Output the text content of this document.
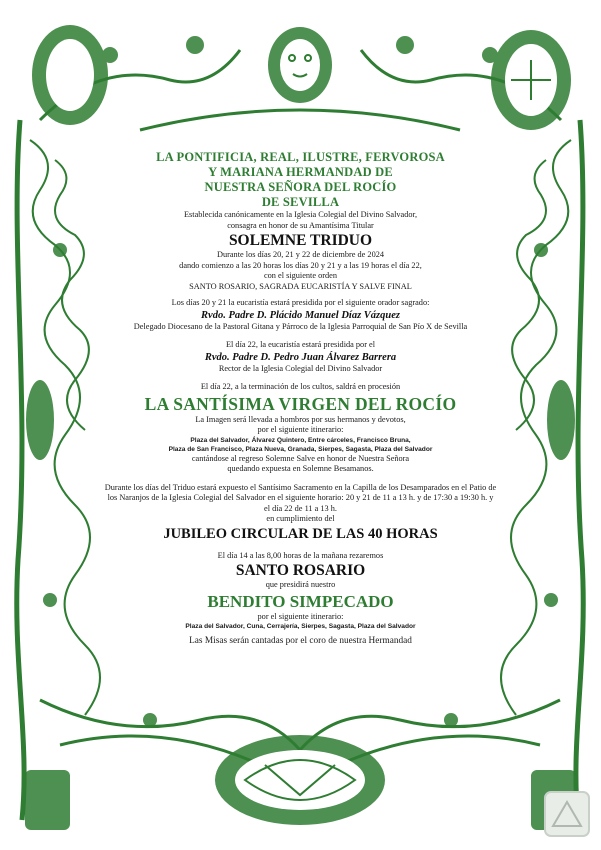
LA PONTIFICIA, REAL, ILUSTRE, FERVOROSA
Y MARIANA HERMANDAD DE
NUESTRA SEÑORA DEL ROCÍO
DE SEVILLA
Establecida canónicamente en la Iglesia Colegial del Divino Salvador,
consagra en honor de su Amantísima Titular
SOLEMNE TRIDUO
Durante los días 20, 21 y 22 de diciembre de 2024
dando comienzo a las 20 horas los días 20 y 21 y a las 19 horas el día 22,
con el siguiente orden
SANTO ROSARIO, SAGRADA EUCARISTÍA Y SALVE FINAL
Los días 20 y 21 la eucaristía estará presidida por el siguiente orador sagrado:
Rvdo. Padre D. Plácido Manuel Díaz Vázquez
Delegado Diocesano de la Pastoral Gitana y Párroco de la Iglesia Parroquial de San Pío X de Sevilla
El día 22, la eucaristía estará presidida por el
Rvdo. Padre D. Pedro Juan Álvarez Barrera
Rector de la Iglesia Colegial del Divino Salvador
El día 22, a la terminación de los cultos, saldrá en procesión
LA SANTÍSIMA VIRGEN DEL ROCÍO
La Imagen será llevada a hombros por sus hermanos y devotos,
por el siguiente itinerario:
Plaza del Salvador, Álvarez Quintero, Entre cárceles, Francisco Bruna,
Plaza de San Francisco, Plaza Nueva, Granada, Sierpes, Sagasta, Plaza del Salvador
cantándose al regreso Solemne Salve en honor de Nuestra Señora
quedando expuesta en Solemne Besamanos.
Durante los días del Triduo estará expuesto el Santísimo Sacramento en la Capilla de los Desamparados en el Patio de
los Naranjos de la Iglesia Colegial del Salvador en el siguiente horario: 20 y 21 de 11 a 13 h. y de 17:30 a 19:30 h. y
el día 22 de 11 a 13 h.
en cumplimiento del
JUBILEO CIRCULAR DE LAS 40 HORAS
El día 14 a las 8,00 horas de la mañana rezaremos
SANTO ROSARIO
que presidirá nuestro
BENDITO SIMPECADO
por el siguiente itinerario:
Plaza del Salvador, Cuna, Cerrajería, Sierpes, Sagasta, Plaza del Salvador
Las Misas serán cantadas por el coro de nuestra Hermandad
